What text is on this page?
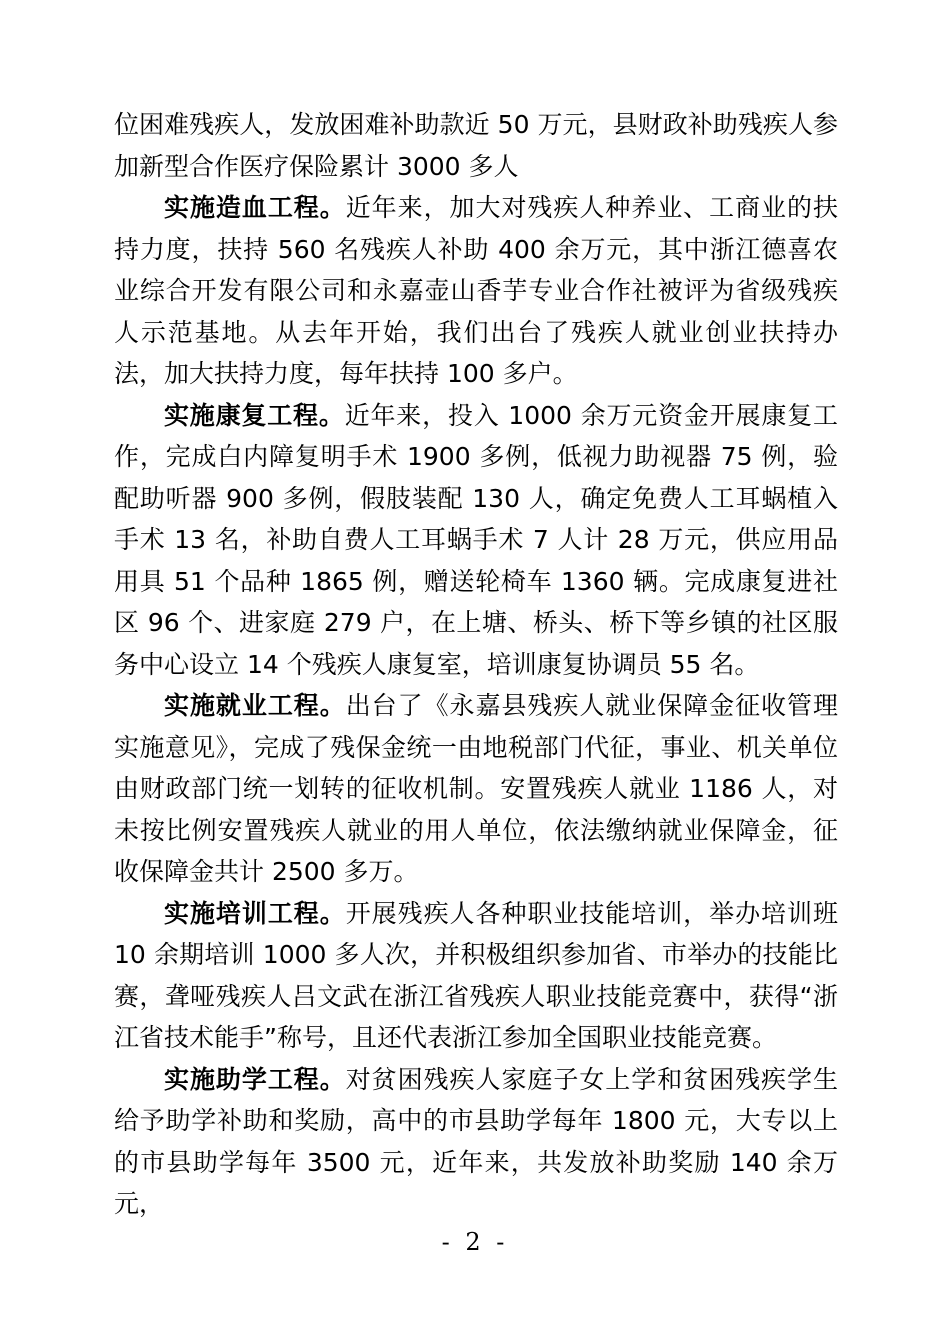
位困难残疾人，发放困难补助款近 50 万元，县财政补助残疾人参加新型合作医疗保险累计 3000 多人

实施造血工程。近年来，加大对残疾人种养业、工商业的扶持力度，扶持 560 名残疾人补助 400 余万元，其中浙江德喜农业综合开发有限公司和永嘉壶山香芋专业合作社被评为省级残疾人示范基地。从去年开始，我们出台了残疾人就业创业扶持办法，加大扶持力度，每年扶持 100 多户。

实施康复工程。近年来，投入 1000 余万元资金开展康复工作，完成白内障复明手术 1900 多例，低视力助视器 75 例，验配助听器 900 多例，假肢装配 130 人，确定免费人工耳蜗植入手术 13 名，补助自费人工耳蜗手术 7 人计 28 万元，供应用品用具 51 个品种 1865 例，赠送轮椅车 1360 辆。完成康复进社区 96 个、进家庭 279 户，在上塘、桥头、桥下等乡镇的社区服务中心设立 14 个残疾人康复室，培训康复协调员 55 名。

实施就业工程。出台了《永嘉县残疾人就业保障金征收管理实施意见》，完成了残保金统一由地税部门代征，事业、机关单位由财政部门统一划转的征收机制。安置残疾人就业 1186 人，对未按比例安置残疾人就业的用人单位，依法缴纳就业保障金，征收保障金共计 2500 多万。

实施培训工程。开展残疾人各种职业技能培训，举办培训班 10 余期培训 1000 多人次，并积极组织参加省、市举办的技能比赛，聋哑残疾人吕文武在浙江省残疾人职业技能竞赛中，获得“浙江省技术能手”称号，且还代表浙江参加全国职业技能竞赛。

实施助学工程。对贫困残疾人家庭子女上学和贫困残疾学生给予助学补助和奖励，高中的市县助学每年 1800 元，大专以上的市县助学每年 3500 元，近年来，共发放补助奖励 140 余万元，

- 2 -
